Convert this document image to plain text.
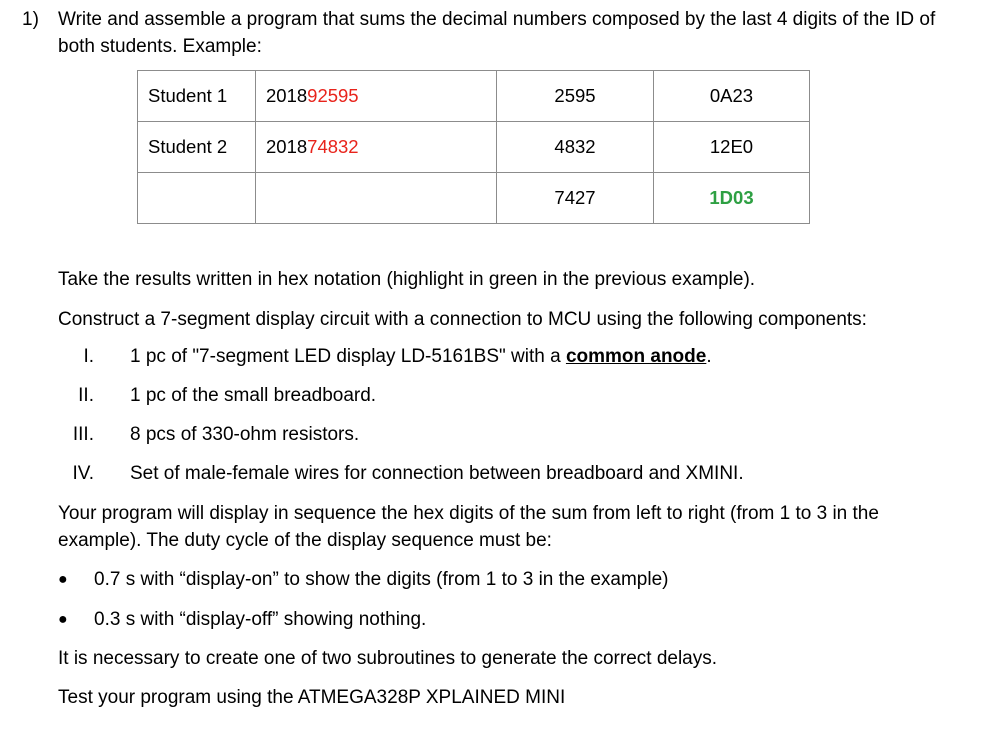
1) Write and assemble a program that sums the decimal numbers composed by the last 4 digits of the ID of both students. Example:
Student 1	201892595	2595	0A23
Student 2	201874832	4832	12E0
		7427	1D03
Take the results written in hex notation (highlight in green in the previous example).
Construct a 7-segment display circuit with a connection to MCU using the following components:
I. 1 pc of "7-segment LED display LD-5161BS" with a common anode.
II. 1 pc of the small breadboard.
III. 8 pcs of 330-ohm resistors.
IV. Set of male-female wires for connection between breadboard and XMINI.
Your program will display in sequence the hex digits of the sum from left to right (from 1 to 3 in the example). The duty cycle of the display sequence must be:
● 0.7 s with “display-on” to show the digits (from 1 to 3 in the example)
● 0.3 s with “display-off” showing nothing.
It is necessary to create one of two subroutines to generate the correct delays.
Test your program using the ATMEGA328P XPLAINED MINI
